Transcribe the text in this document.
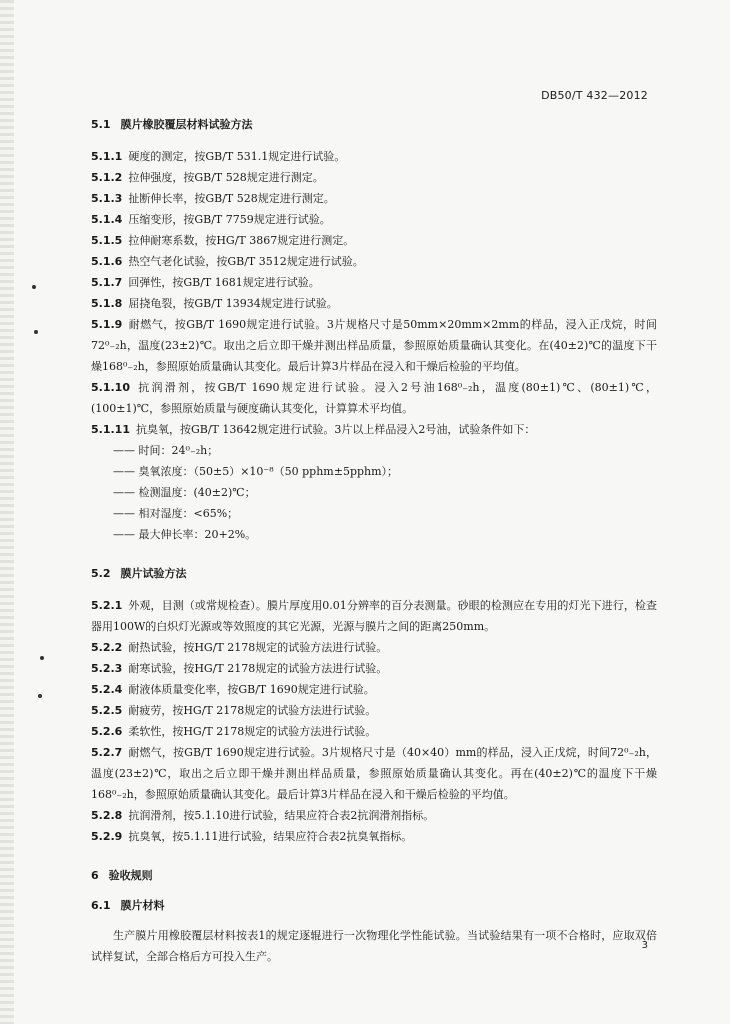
DB50/T 432—2012
5.1 膜片橡胶覆层材料试验方法

5.1.1 硬度的测定，按GB/T 531.1规定进行试验。

5.1.2 拉伸强度，按GB/T 528规定进行测定。

5.1.3 扯断伸长率，按GB/T 528规定进行测定。

5.1.4 压缩变形，按GB/T 7759规定进行试验。

5.1.5 拉伸耐寒系数，按HG/T 3867规定进行测定。

5.1.6 热空气老化试验，按GB/T 3512规定进行试验。

5.1.7 回弹性，按GB/T 1681规定进行试验。

5.1.8 屈挠龟裂，按GB/T 13934规定进行试验。

5.1.9 耐燃气，按GB/T 1690规定进行试验。3片规格尺寸是50mm×20mm×2mm的样品，浸入正戊烷，时间72⁰₋₂h，温度(23±2)℃。取出之后立即干燥并测出样品质量，参照原始质量确认其变化。在(40±2)℃的温度下干燥168⁰₋₂h，参照原始质量确认其变化。最后计算3片样品在浸入和干燥后检验的平均值。

5.1.10 抗润滑剂，按GB/T 1690规定进行试验。浸入2号油168⁰₋₂h，温度(80±1)℃、(80±1)℃，(100±1)℃，参照原始质量与硬度确认其变化，计算算术平均值。

5.1.11 抗臭氧，按GB/T 13642规定进行试验。3片以上样品浸入2号油，试验条件如下：

—— 时间：24⁰₋₂h；

—— 臭氧浓度：（50±5）×10⁻⁸（50 pphm±5pphm）；

—— 检测温度：(40±2)℃；

—— 相对湿度：<65%；

—— 最大伸长率：20+2%。

5.2 膜片试验方法

5.2.1 外观，目测（或常规检查）。膜片厚度用0.01分辨率的百分表测量。砂眼的检测应在专用的灯光下进行，检查器用100W的白炽灯光源或等效照度的其它光源，光源与膜片之间的距离250mm。

5.2.2 耐热试验，按HG/T 2178规定的试验方法进行试验。

5.2.3 耐寒试验，按HG/T 2178规定的试验方法进行试验。

5.2.4 耐液体质量变化率，按GB/T 1690规定进行试验。

5.2.5 耐疲劳，按HG/T 2178规定的试验方法进行试验。

5.2.6 柔软性，按HG/T 2178规定的试验方法进行试验。

5.2.7 耐燃气，按GB/T 1690规定进行试验。3片规格尺寸是（40×40）mm的样品，浸入正戊烷，时间72⁰₋₂h，温度(23±2)℃，取出之后立即干燥并测出样品质量，参照原始质量确认其变化。再在(40±2)℃的温度下干燥168⁰₋₂h，参照原始质量确认其变化。最后计算3片样品在浸入和干燥后检验的平均值。

5.2.8 抗润滑剂，按5.1.10进行试验，结果应符合表2抗润滑剂指标。

5.2.9 抗臭氧，按5.1.11进行试验，结果应符合表2抗臭氧指标。

6 验收规则
6.1 膜片材料

生产膜片用橡胶覆层材料按表1的规定逐辊进行一次物理化学性能试验。当试验结果有一项不合格时，应取双倍试样复试，全部合格后方可投入生产。

3
